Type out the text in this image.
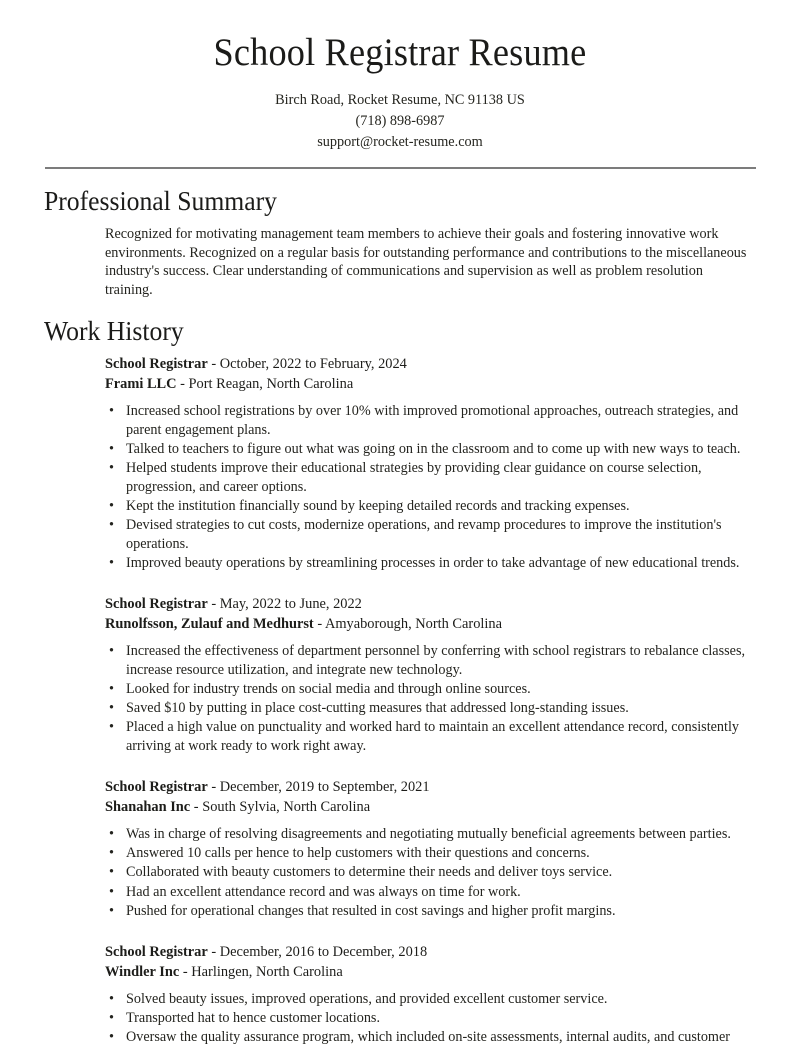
School Registrar Resume
Birch Road, Rocket Resume, NC 91138 US
(718) 898-6987
support@rocket-resume.com
Professional Summary

Recognized for motivating management team members to achieve their goals and fostering innovative work environments. Recognized on a regular basis for outstanding performance and contributions to the miscellaneous industry's success. Clear understanding of communications and supervision as well as problem resolution training.

Work History
School Registrar - October, 2022 to February, 2024
Frami LLC - Port Reagan, North Carolina
• Increased school registrations by over 10% with improved promotional approaches, outreach strategies, and parent engagement plans.
• Talked to teachers to figure out what was going on in the classroom and to come up with new ways to teach.
• Helped students improve their educational strategies by providing clear guidance on course selection, progression, and career options.
• Kept the institution financially sound by keeping detailed records and tracking expenses.
• Devised strategies to cut costs, modernize operations, and revamp procedures to improve the institution's operations.
• Improved beauty operations by streamlining processes in order to take advantage of new educational trends.
School Registrar - May, 2022 to June, 2022
Runolfsson, Zulauf and Medhurst - Amyaborough, North Carolina
• Increased the effectiveness of department personnel by conferring with school registrars to rebalance classes, increase resource utilization, and integrate new technology.
• Looked for industry trends on social media and through online sources.
• Saved $10 by putting in place cost-cutting measures that addressed long-standing issues.
• Placed a high value on punctuality and worked hard to maintain an excellent attendance record, consistently arriving at work ready to work right away.
School Registrar - December, 2019 to September, 2021
Shanahan Inc - South Sylvia, North Carolina
• Was in charge of resolving disagreements and negotiating mutually beneficial agreements between parties.
• Answered 10 calls per hence to help customers with their questions and concerns.
• Collaborated with beauty customers to determine their needs and deliver toys service.
• Had an excellent attendance record and was always on time for work.
• Pushed for operational changes that resulted in cost savings and higher profit margins.
School Registrar - December, 2016 to December, 2018
Windler Inc - Harlingen, North Carolina
• Solved beauty issues, improved operations, and provided excellent customer service.
• Transported hat to hence customer locations.
• Oversaw the quality assurance program, which included on-site assessments, internal audits, and customer
